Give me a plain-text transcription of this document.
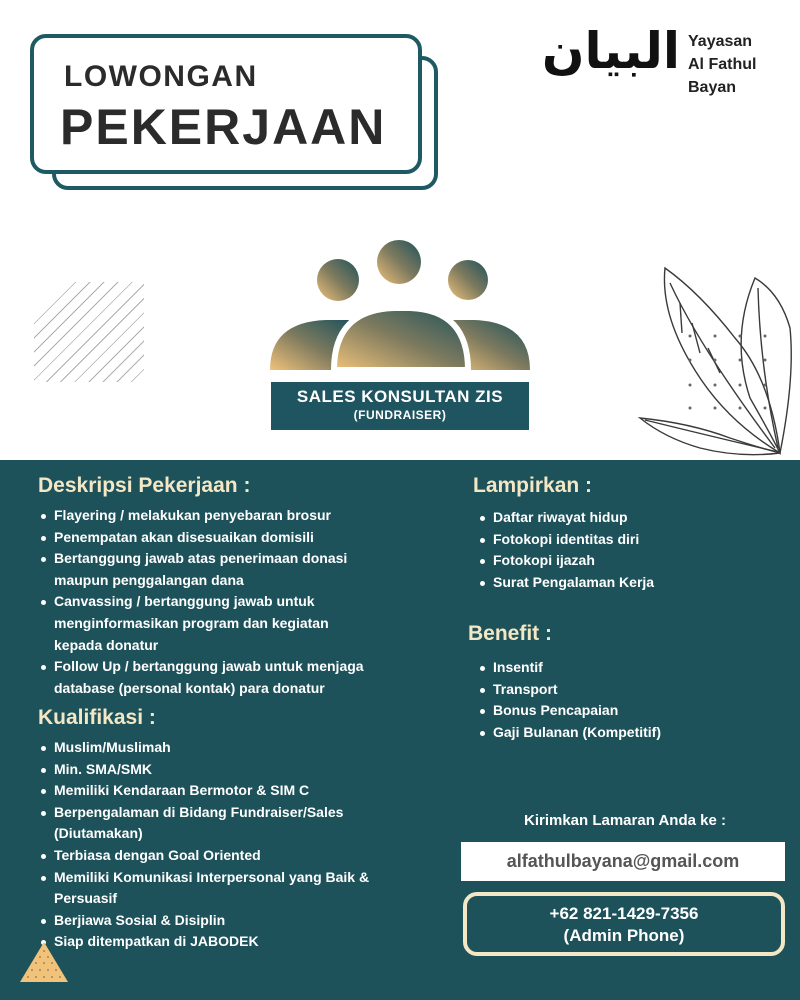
LOWONGAN
PEKERJAAN
البيان Yayasan
Al Fathul
Bayan
SALES KONSULTAN ZIS
(FUNDRAISER)
Deskripsi Pekerjaan :
Flayering / melakukan penyebaran brosur
Penempatan akan disesuaikan domisili
Bertanggung jawab atas penerimaan donasi maupun penggalangan dana
Canvassing / bertanggung jawab untuk menginformasikan program dan kegiatan kepada donatur
Follow Up / bertanggung jawab untuk menjaga database (personal kontak) para donatur
Kualifikasi :
Muslim/Muslimah
Min. SMA/SMK
Memiliki Kendaraan Bermotor & SIM C
Berpengalaman di Bidang Fundraiser/Sales (Diutamakan)
Terbiasa dengan Goal Oriented
Memiliki Komunikasi Interpersonal yang Baik & Persuasif
Berjiawa Sosial & Disiplin
Siap ditempatkan di JABODEK
Lampirkan :
Daftar riwayat hidup
Fotokopi identitas diri
Fotokopi ijazah
Surat Pengalaman Kerja
Benefit :
Insentif
Transport
Bonus Pencapaian
Gaji Bulanan (Kompetitif)
Kirimkan Lamaran Anda ke :
alfathulbayana@gmail.com
+62 821-1429-7356
(Admin Phone)
